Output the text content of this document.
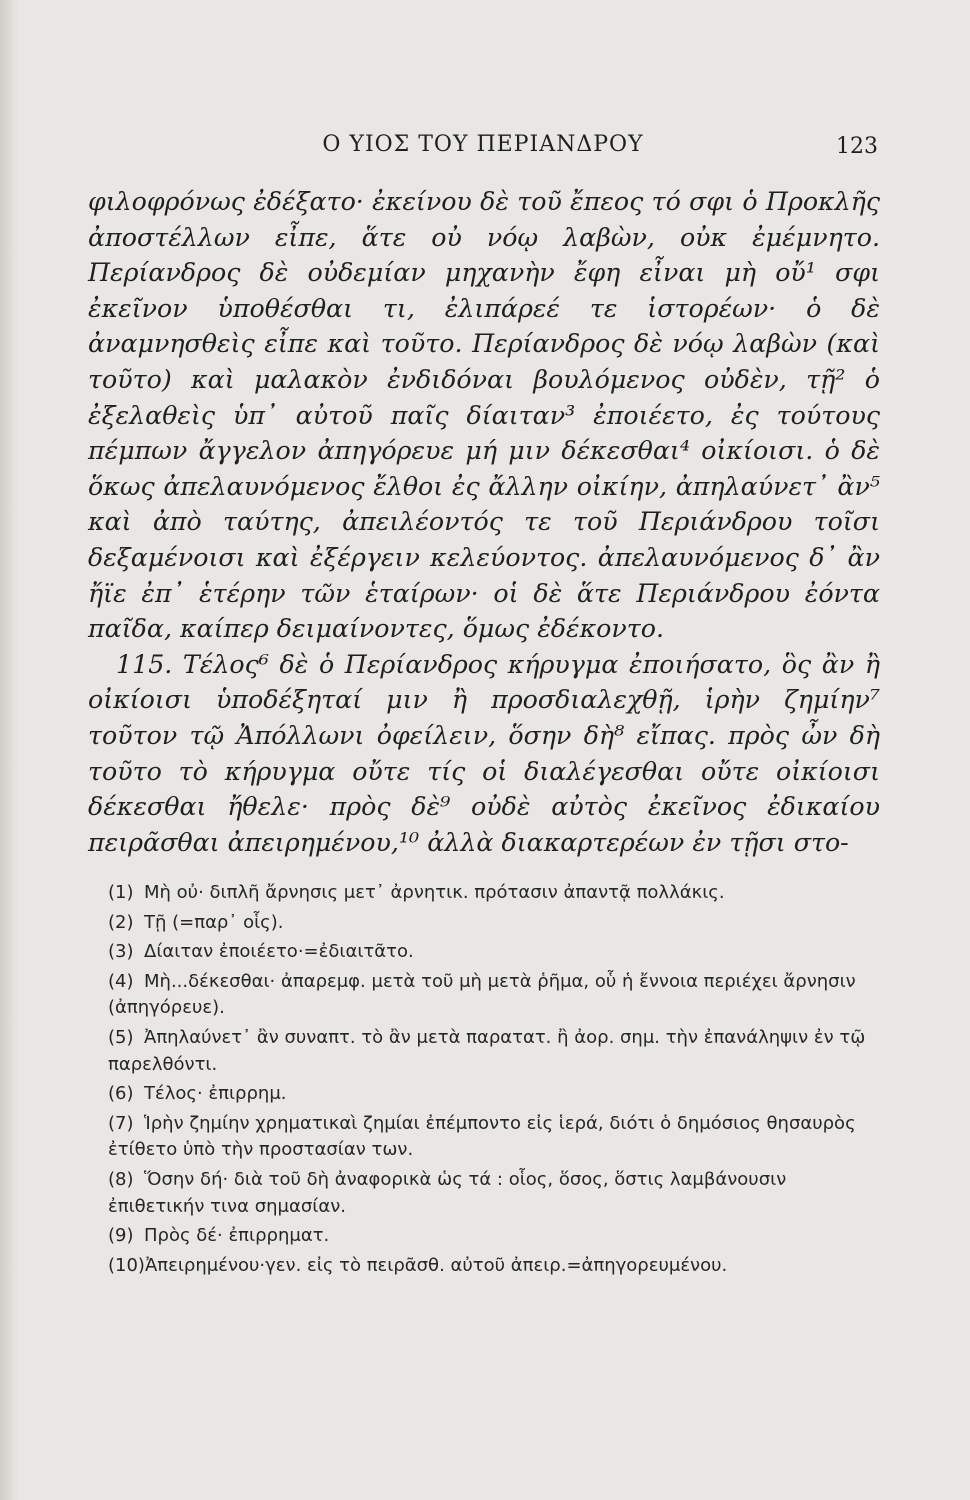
Ο ΥΙΟΣ ΤΟΥ ΠΕΡΙΑΝΔΡΟΥ	123

φιλοφρόνως ἐδέξατο· ἐκείνου δὲ τοῦ ἔπεος τό σφι ὁ Προκλῆς ἀποστέλλων εἶπε, ἅτε οὐ νόῳ λαβὼν, οὐκ ἐμέμνητο. Περίανδρος δὲ οὐδεμίαν μηχανὴν ἔφη εἶναι μὴ οὔ¹ σφι ἐκεῖνον ὑποθέσθαι τι, ἐλιπάρεέ τε ἱστορέων· ὁ δὲ ἀναμνησθεὶς εἶπε καὶ τοῦτο. Περίανδρος δὲ νόῳ λαβὼν (καὶ τοῦτο) καὶ μαλακὸν ἐνδιδόναι βουλόμενος οὐδὲν, τῇ² ὁ ἐξελαθεὶς ὑπ᾽ αὐτοῦ παῖς δίαιταν³ ἐποιέετο, ἐς τούτους πέμπων ἄγγελον ἀπηγόρευε μή μιν δέκεσθαι⁴ οἰκίοισι. ὁ δὲ ὅκως ἀπελαυνόμενος ἔλθοι ἐς ἄλλην οἰκίην, ἀπηλαύνετ᾽ ἂν⁵ καὶ ἀπὸ ταύτης, ἀπειλέοντός τε τοῦ Περιάνδρου τοῖσι δεξαμένοισι καὶ ἐξέργειν κελεύοντος. ἀπελαυνόμενος δ᾽ ἂν ἤϊε ἐπ᾽ ἑτέρην τῶν ἑταίρων· οἱ δὲ ἅτε Περιάνδρου ἐόντα παῖδα, καίπερ δειμαίνοντες, ὅμως ἐδέκοντο.

115. Τέλος⁶ δὲ ὁ Περίανδρος κήρυγμα ἐποιήσατο, ὃς ἂν ἢ οἰκίοισι ὑποδέξηταί μιν ἢ προσδιαλεχθῇ, ἱρὴν ζημίην⁷ τοῦτον τῷ Ἀπόλλωνι ὀφείλειν, ὅσην δὴ⁸ εἴπας. πρὸς ὦν δὴ τοῦτο τὸ κήρυγμα οὔτε τίς οἱ διαλέγεσθαι οὔτε οἰκίοισι δέκεσθαι ἤθελε· πρὸς δὲ⁹ οὐδὲ αὐτὸς ἐκεῖνος ἐδικαίου πειρᾶσθαι ἀπειρημένου,¹⁰ ἀλλὰ διακαρτερέων ἐν τῇσι στο-

(1) Μὴ οὐ· διπλῆ ἄρνησις μετ᾽ ἀρνητικ. πρότασιν ἀπαντᾷ πολλάκις.
(2) Τῇ (=παρ᾽ οἷς).
(3) Δίαιταν ἐποιέετο·=ἐδιαιτᾶτο.
(4) Μὴ...δέκεσθαι· ἀπαρεμφ. μετὰ τοῦ μὴ μετὰ ῥῆμα, οὗ ἡ ἔννοια περιέχει ἄρνησιν (ἀπηγόρευε).
(5) Ἀπηλαύνετ᾽ ἂν συναπτ. τὸ ἂν μετὰ παρατατ. ἢ ἀορ. σημ. τὴν ἐπανάληψιν ἐν τῷ παρελθόντι.
(6) Τέλος· ἐπιρρημ.
(7) Ἱρὴν ζημίην χρηματικαὶ ζημίαι ἐπέμποντο εἰς ἱερά, διότι ὁ δημόσιος θησαυρὸς ἐτίθετο ὑπὸ τὴν προστασίαν των.
(8) Ὅσην δή· διὰ τοῦ δὴ ἀναφορικὰ ὡς τά : οἷος, ὅσος, ὅστις λαμβάνουσιν ἐπιθετικήν τινα σημασίαν.
(9) Πρὸς δέ· ἐπιρρηματ.
(10)Ἀπειρημένου·γεν. εἰς τὸ πειρᾶσθ. αὐτοῦ ἀπειρ.=ἀπηγορευμένου.
